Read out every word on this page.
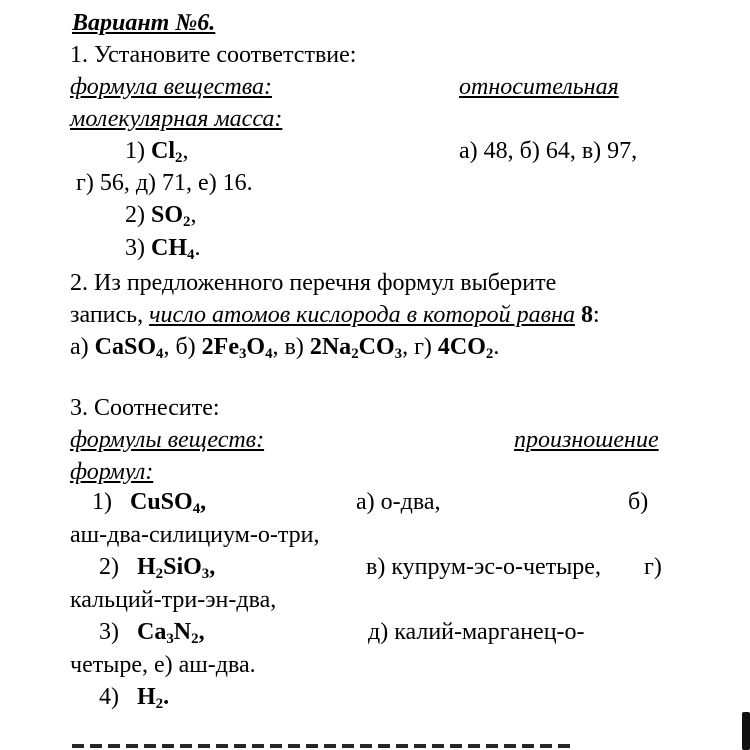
Вариант №6.
1. Установите соответствие:
формула вещества:	относительная
молекулярная масса:
1) $Cl_2$,	а) 48, б) 64, в) 97,
г) 56, д) 71, е) 16.
2) $SO_2$,
3) $CH_4$.
2. Из предложенного перечня формул выберите
запись, число атомов кислорода в которой равна 8:
а) CaSO$_4$, б) $2Fe_3O_4$, в) $2Na_2CO_3$, г) $4CO_2$.
3. Соотнесите:
формулы веществ:	произношение
формул:
1) CuSO$_4$,	а) о-два,	б)
аш-два-силициум-о-три,
2) $H_2SiO_3$,	в) купрум-эс-о-четыре, г)
кальций-три-эн-два,
3) $Ca_3N_2$,	д) калий-марганец-о-
четыре, е) аш-два.
4) $H_2$.
